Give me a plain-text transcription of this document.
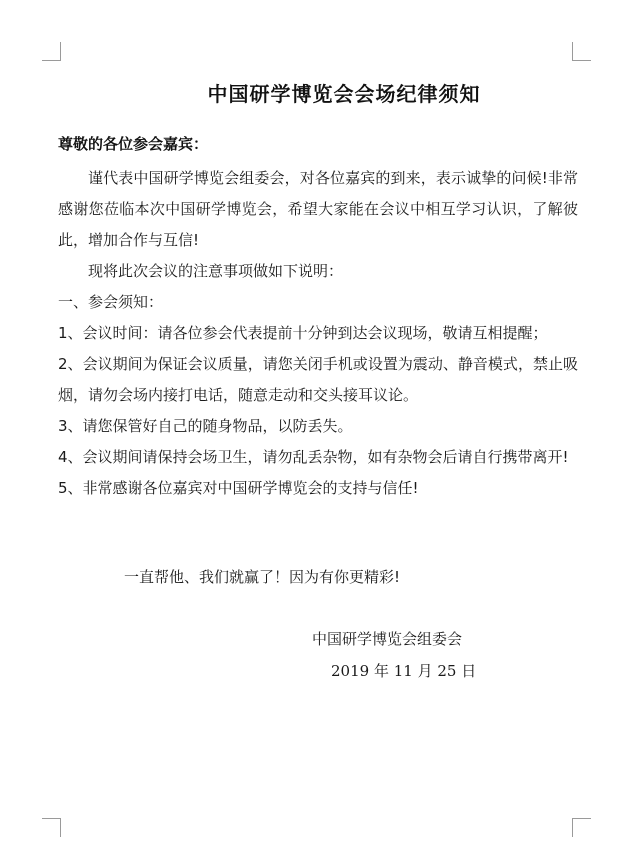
中国研学博览会会场纪律须知
尊敬的各位参会嘉宾：

谨代表中国研学博览会组委会，对各位嘉宾的到来，表示诚挚的问候!非常感谢您莅临本次中国研学博览会，希望大家能在会议中相互学习认识，了解彼此，增加合作与互信!

现将此次会议的注意事项做如下说明：

一、参会须知：

1、会议时间：请各位参会代表提前十分钟到达会议现场，敬请互相提醒；

2、会议期间为保证会议质量，请您关闭手机或设置为震动、静音模式，禁止吸烟，请勿会场内接打电话，随意走动和交头接耳议论。

3、请您保管好自己的随身物品，以防丢失。

4、会议期间请保持会场卫生，请勿乱丢杂物，如有杂物会后请自行携带离开!

5、非常感谢各位嘉宾对中国研学博览会的支持与信任!

一直帮他、我们就赢了！因为有你更精彩!
中国研学博览会组委会
2019 年 11 月 25 日
